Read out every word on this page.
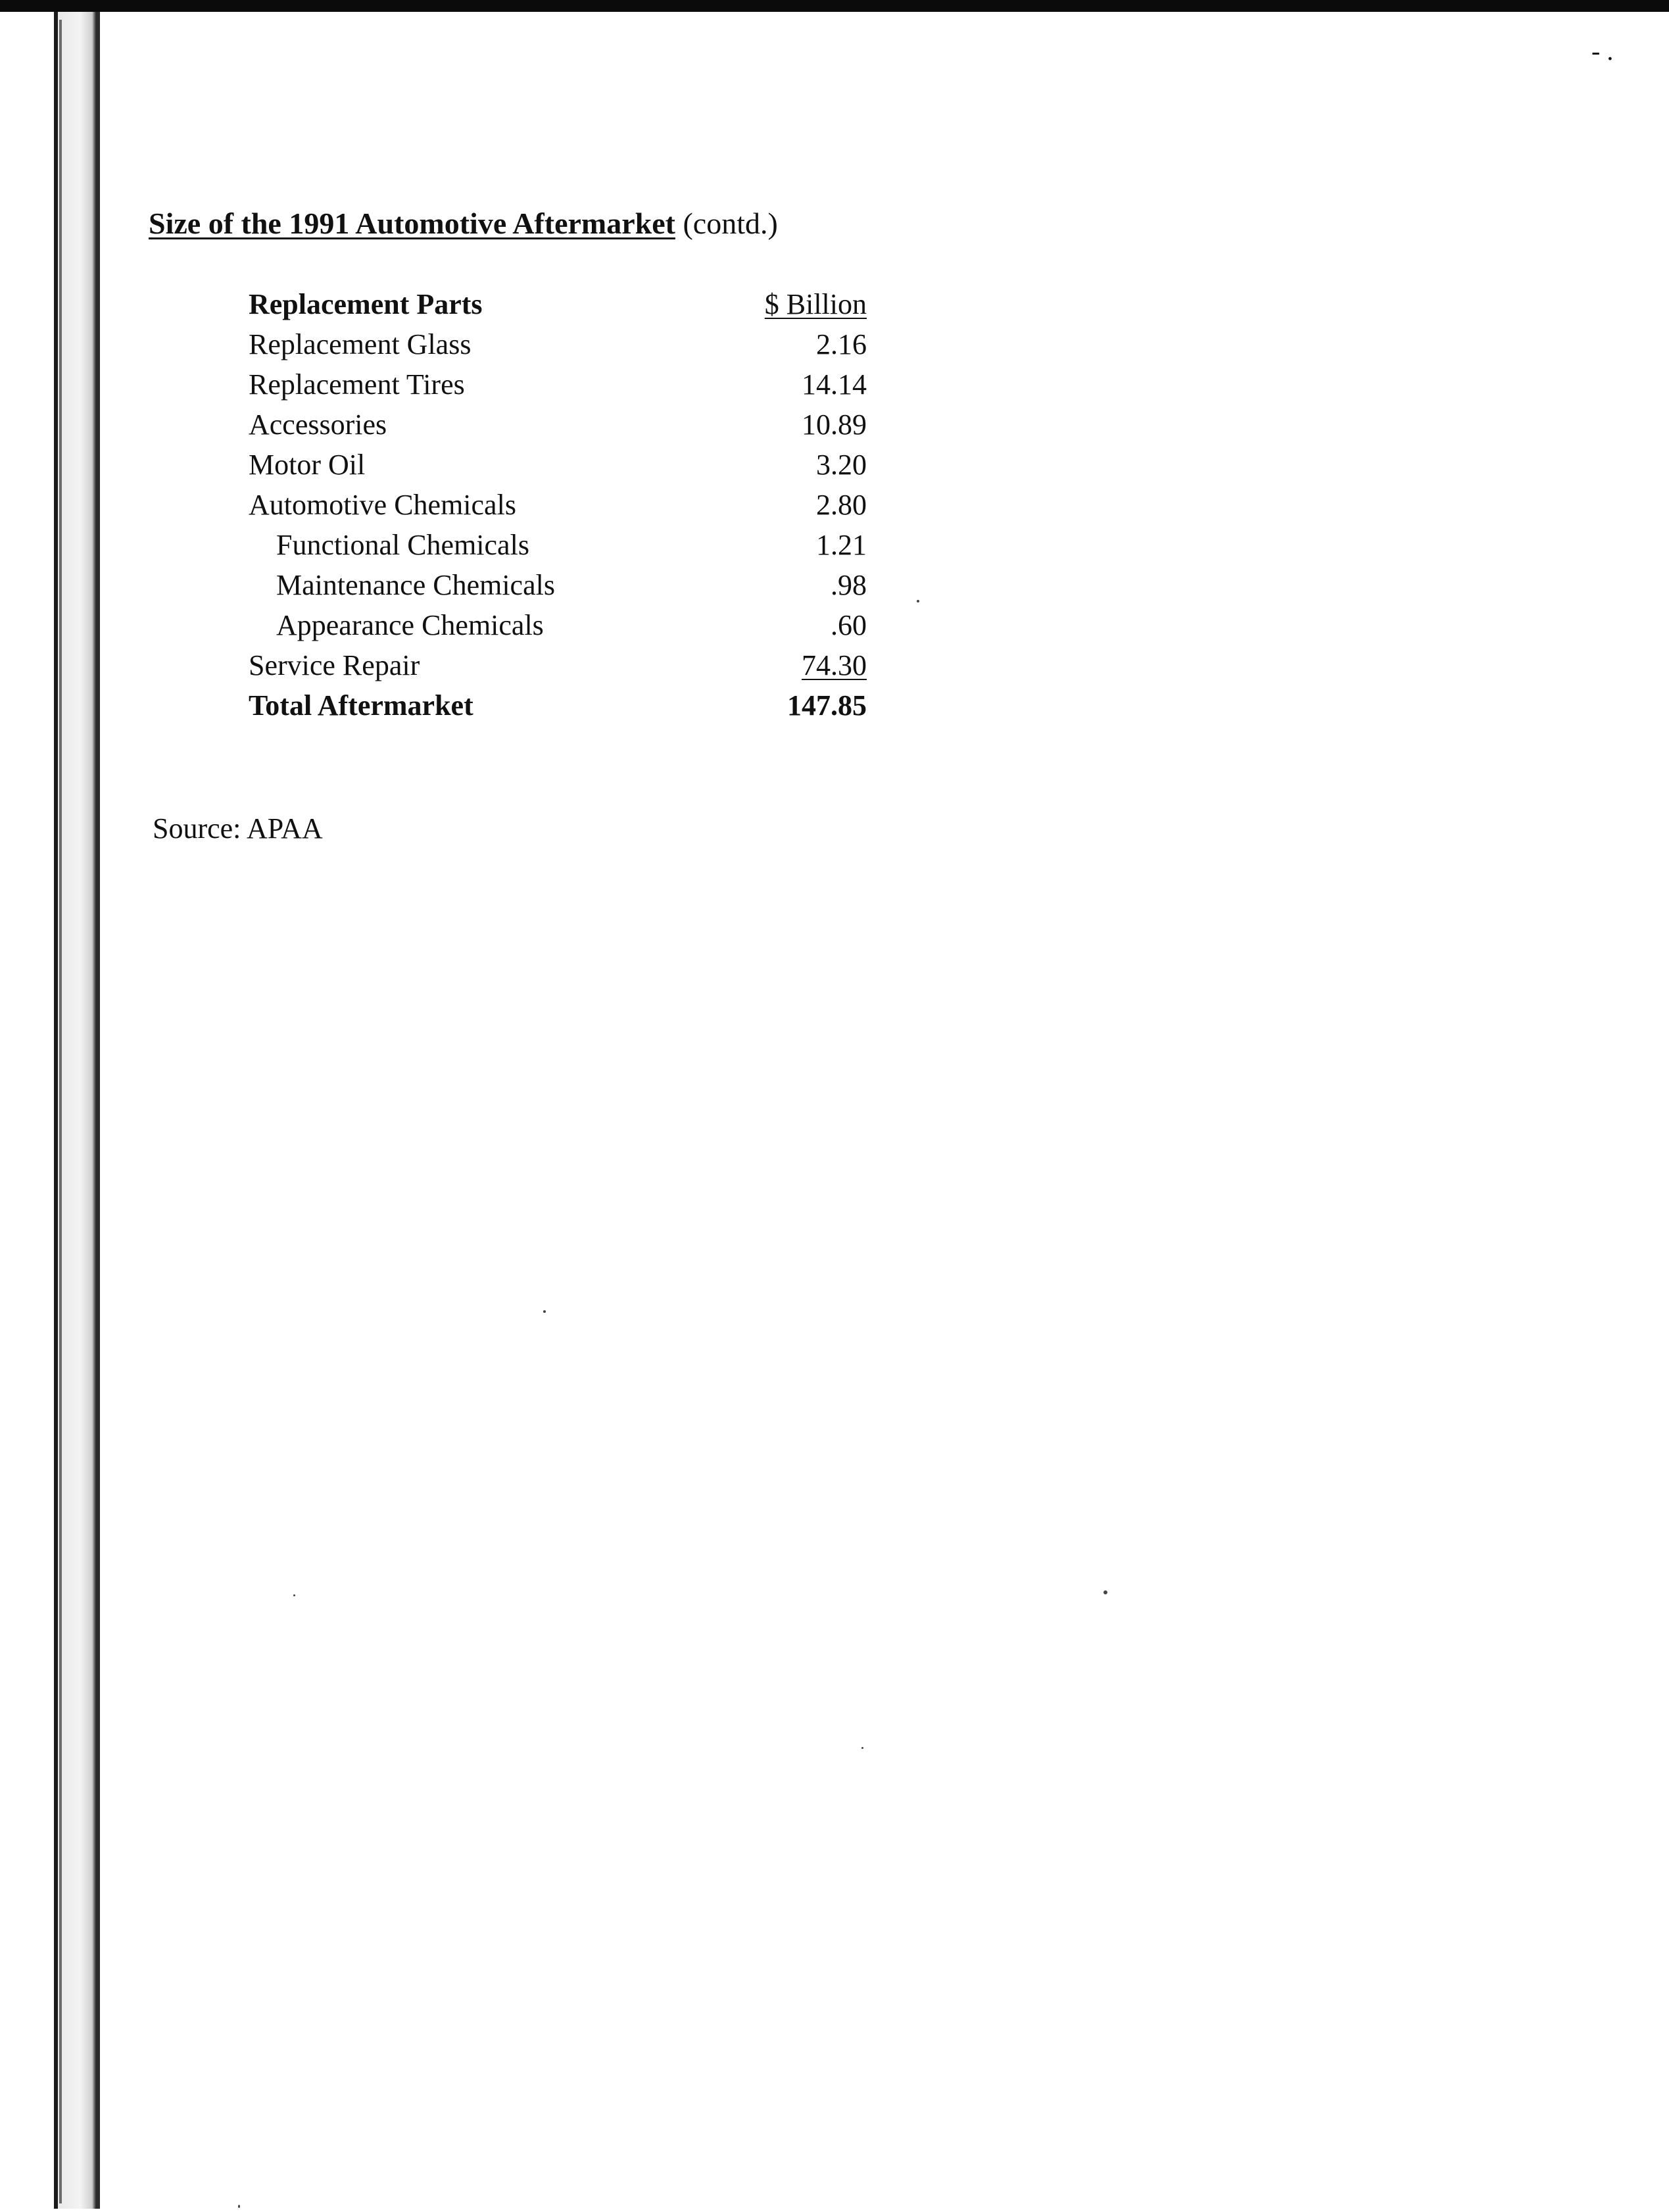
- .
Size of the 1991 Automotive Aftermarket (contd.)
Replacement Parts	$ Billion
Replacement Glass	2.16
Replacement Tires	14.14
Accessories	10.89
Motor Oil	3.20
Automotive Chemicals	2.80
Functional Chemicals	1.21
Maintenance Chemicals	.98
Appearance Chemicals	.60
Service Repair	74.30
Total Aftermarket	147.85
Source: APAA
